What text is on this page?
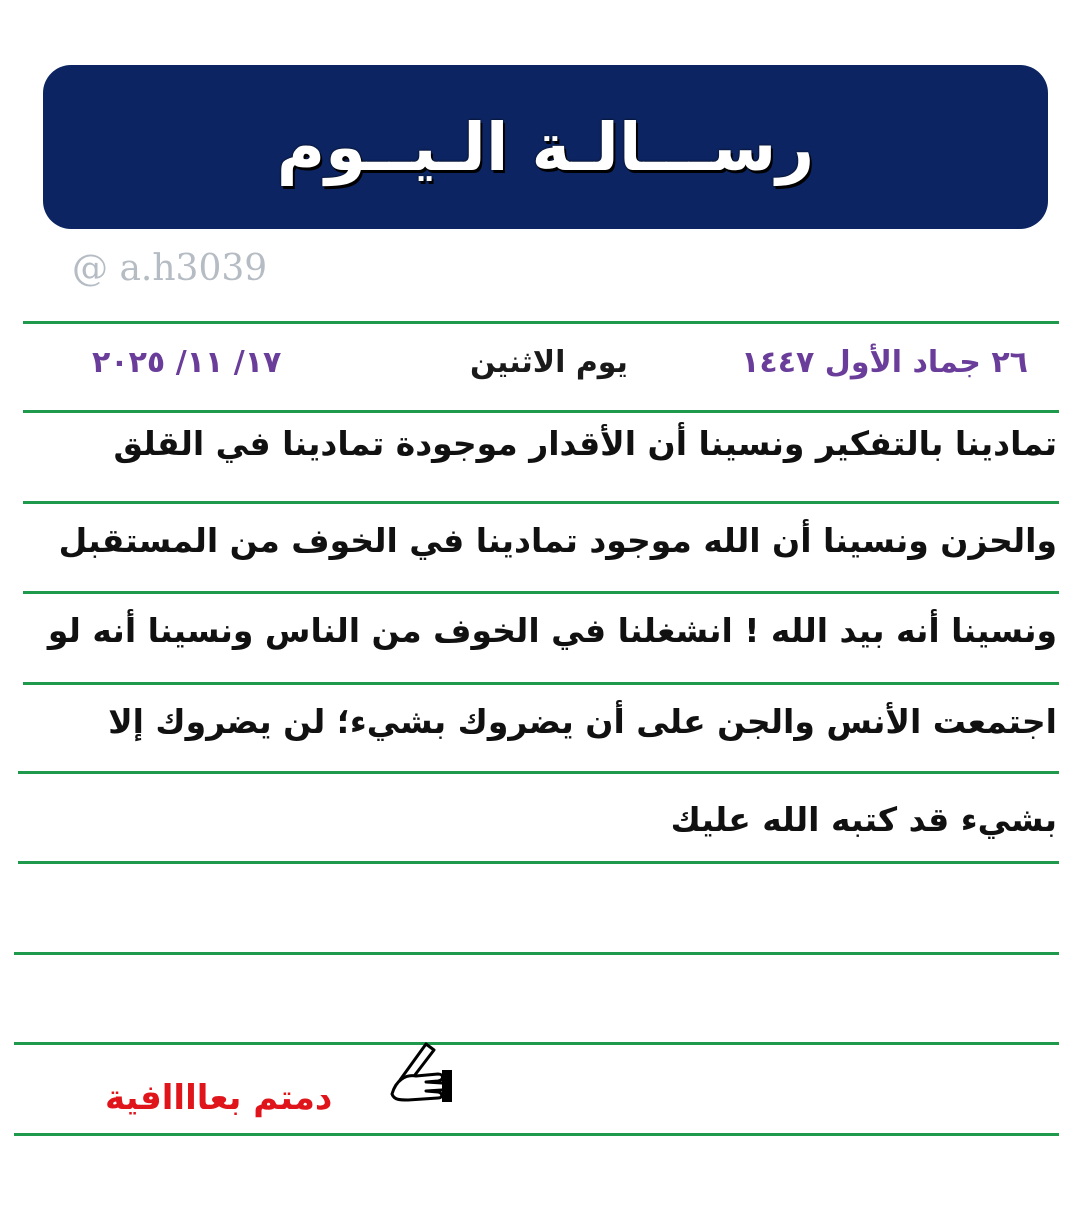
رســـالـة الـيــوم
@ a.h3039
٢٦ جماد الأول ١٤٤٧
يوم الاثنين
١٧/ ١١/ ٢٠٢٥
تمادينا بالتفكير ونسينا أن الأقدار موجودة تمادينا في القلق
والحزن ونسينا أن الله موجود تمادينا في الخوف من المستقبل
ونسينا أنه بيد الله ! انشغلنا في الخوف من الناس ونسينا أنه لو
اجتمعت الأنس والجن على أن يضروك بشيء؛ لن يضروك إلا
بشيء قد كتبه الله عليك
دمتم بعاااافية
